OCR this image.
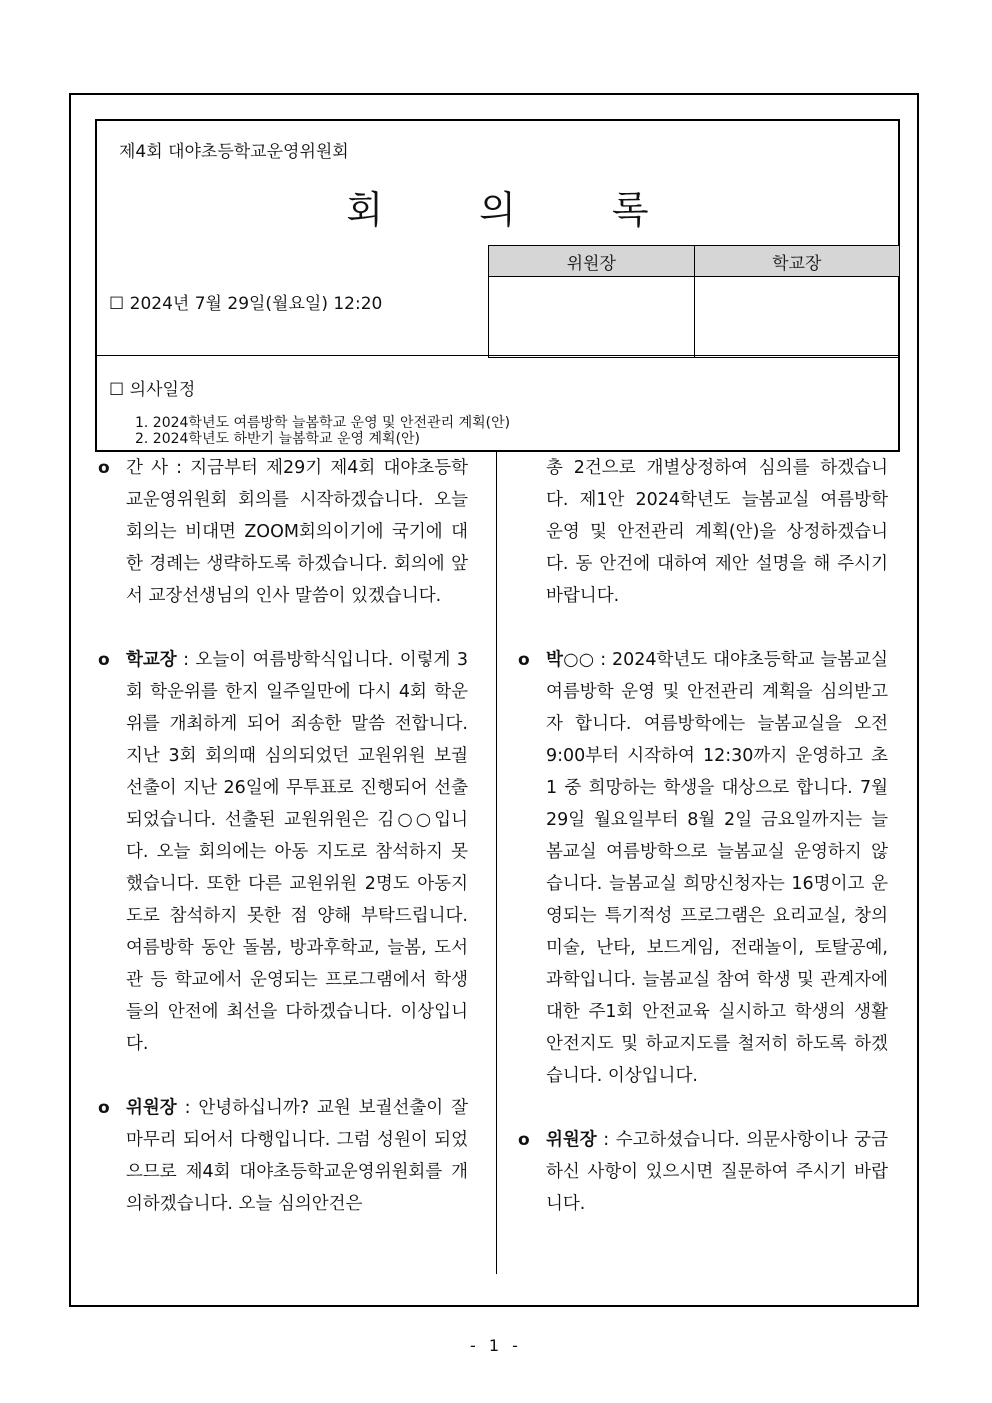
제4회 대야초등학교운영위원회
회 의 록
위원장	학교장

☐ 2024년 7월 29일(월요일) 12:20
☐ 의사일정
1. 2024학년도 여름방학 늘봄학교 운영 및 안전관리 계획(안)
2. 2024학년도 하반기 늘봄학교 운영 계획(안)
o 간 사 : 지금부터 제29기 제4회 대야초등학교운영위원회 회의를 시작하겠습니다. 오늘 회의는 비대면 ZOOM회의이기에 국기에 대한 경례는 생략하도록 하겠습니다. 회의에 앞서 교장선생님의 인사 말씀이 있겠습니다.
o 학교장 : 오늘이 여름방학식입니다. 이렇게 3회 학운위를 한지 일주일만에 다시 4회 학운위를 개최하게 되어 죄송한 말씀 전합니다. 지난 3회 회의때 심의되었던 교원위원 보궐 선출이 지난 26일에 무투표로 진행되어 선출되었습니다. 선출된 교원위원은 김○○입니다. 오늘 회의에는 아동 지도로 참석하지 못했습니다. 또한 다른 교원위원 2명도 아동지도로 참석하지 못한 점 양해 부탁드립니다. 여름방학 동안 돌봄, 방과후학교, 늘봄, 도서관 등 학교에서 운영되는 프로그램에서 학생들의 안전에 최선을 다하겠습니다. 이상입니다.
o 위원장 : 안녕하십니까? 교원 보궐선출이 잘 마무리 되어서 다행입니다. 그럼 성원이 되었으므로 제4회 대야초등학교운영위원회를 개의하겠습니다. 오늘 심의안건은
총 2건으로 개별상정하여 심의를 하겠습니다. 제1안 2024학년도 늘봄교실 여름방학 운영 및 안전관리 계획(안)을 상정하겠습니다. 동 안건에 대하여 제안 설명을 해 주시기 바랍니다.
o 박○○ : 2024학년도 대야초등학교 늘봄교실 여름방학 운영 및 안전관리 계획을 심의받고자 합니다. 여름방학에는 늘봄교실을 오전 9:00부터 시작하여 12:30까지 운영하고 초 1 중 희망하는 학생을 대상으로 합니다. 7월 29일 월요일부터 8월 2일 금요일까지는 늘봄교실 여름방학으로 늘봄교실 운영하지 않습니다. 늘봄교실 희망신청자는 16명이고 운영되는 특기적성 프로그램은 요리교실, 창의미술, 난타, 보드게임, 전래놀이, 토탈공예, 과학입니다. 늘봄교실 참여 학생 및 관계자에 대한 주1회 안전교육 실시하고 학생의 생활안전지도 및 하교지도를 철저히 하도록 하겠습니다. 이상입니다.
o 위원장 : 수고하셨습니다. 의문사항이나 궁금하신 사항이 있으시면 질문하여 주시기 바랍니다.
- 1 -
